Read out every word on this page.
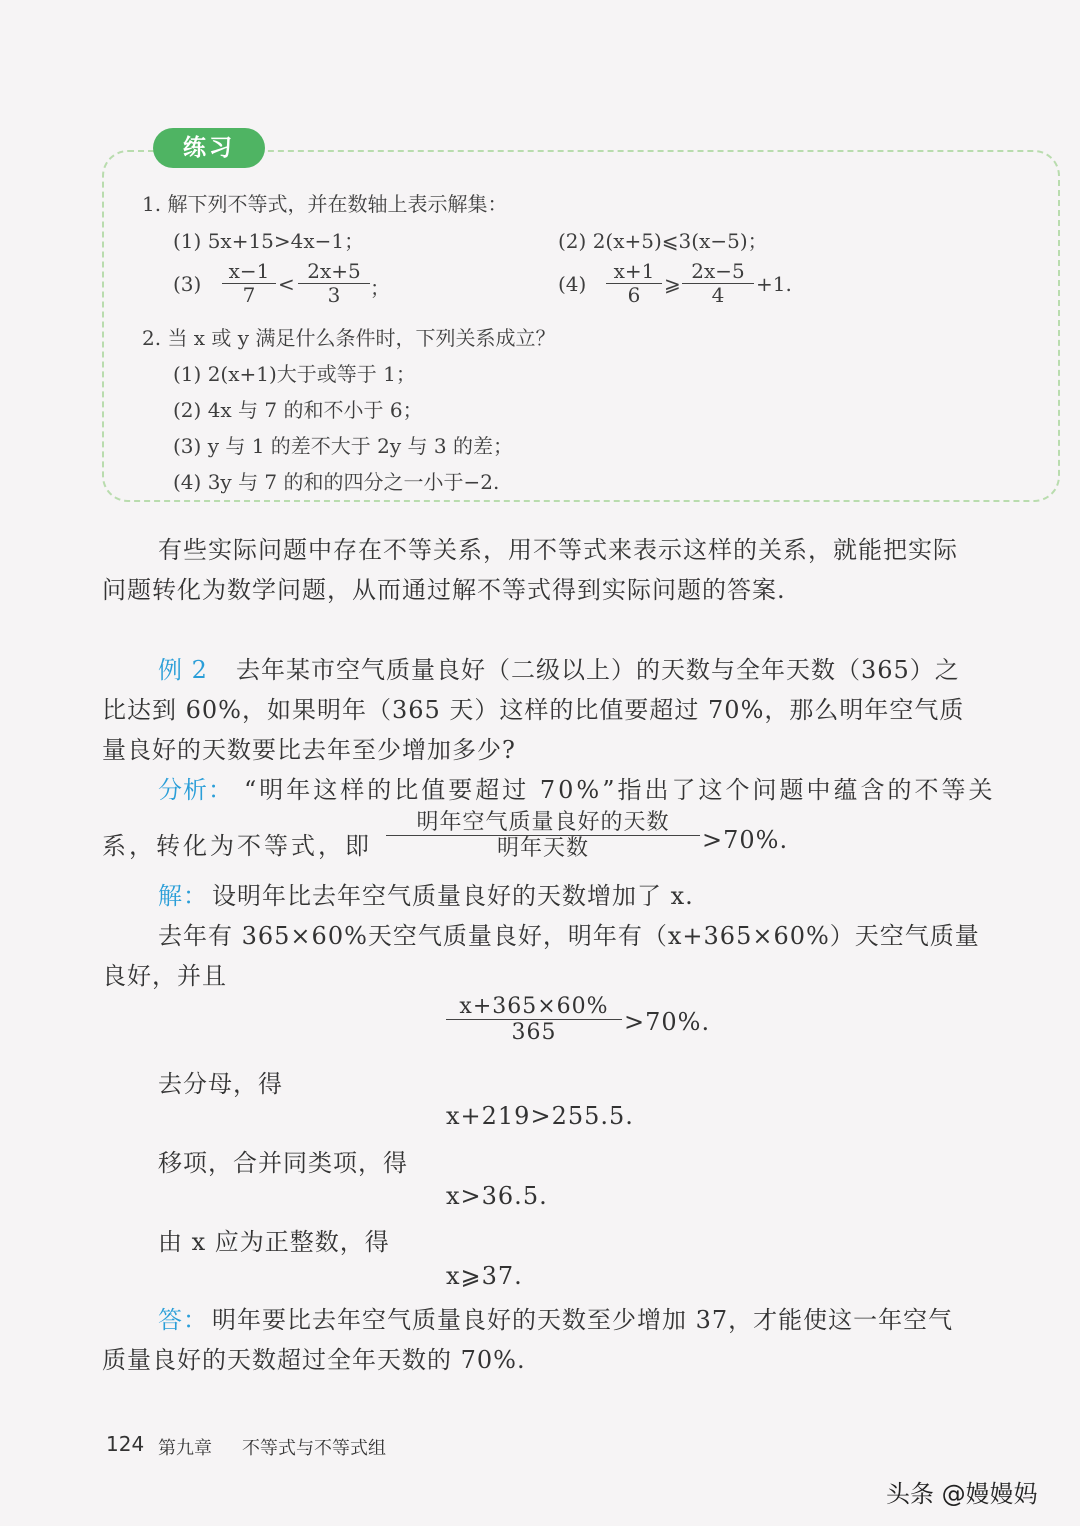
练习
1. 解下列不等式，并在数轴上表示解集：
(1) 5x+15>4x−1；	(2) 2(x+5)⩽3(x−5)；
$(3) \frac{x-1}{7} < \frac{2x+5}{3}$ ；	$(4) \frac{x+1}{6}$ ⩾ $\frac{2x-5}{4} +1$.
2. 当 x 或 y 满足什么条件时，下列关系成立？
(1) 2(x+1)大于或等于 1；
(2) 4x 与 7 的和不小于 6；
(3) y 与 1 的差不大于 2y 与 3 的差；
(4) 3y 与 7 的和的四分之一小于−2.
有些实际问题中存在不等关系，用不等式来表示这样的关系，就能把实际
问题转化为数学问题，从而通过解不等式得到实际问题的答案.
例 2 去年某市空气质量良好（二级以上）的天数与全年天数（365）之
比达到 60%，如果明年（365 天）这样的比值要超过 70%，那么明年空气质
量良好的天数要比去年至少增加多少?
分析： “明年这样的比值要超过 70%”指出了这个问题中蕴含的不等关
系，转化为不等式，即
明年空气质量良好的天数
明年天数	>70%.
解： 设明年比去年空气质量良好的天数增加了 x.
去年有 365×60%天空气质量良好，明年有（x+365×60%）天空气质量
良好，并且
$\frac{x+365\times 60\%}{365} >70\%$.
去分母，得
x+219>255.5.
移项，合并同类项，得
x>36.5.
由 x 应为正整数，得
x⩾37.
答： 明年要比去年空气质量良好的天数至少增加 37，才能使这一年空气
质量良好的天数超过全年天数的 70%.
124 第九章 不等式与不等式组
头条 @嫚嫚妈
